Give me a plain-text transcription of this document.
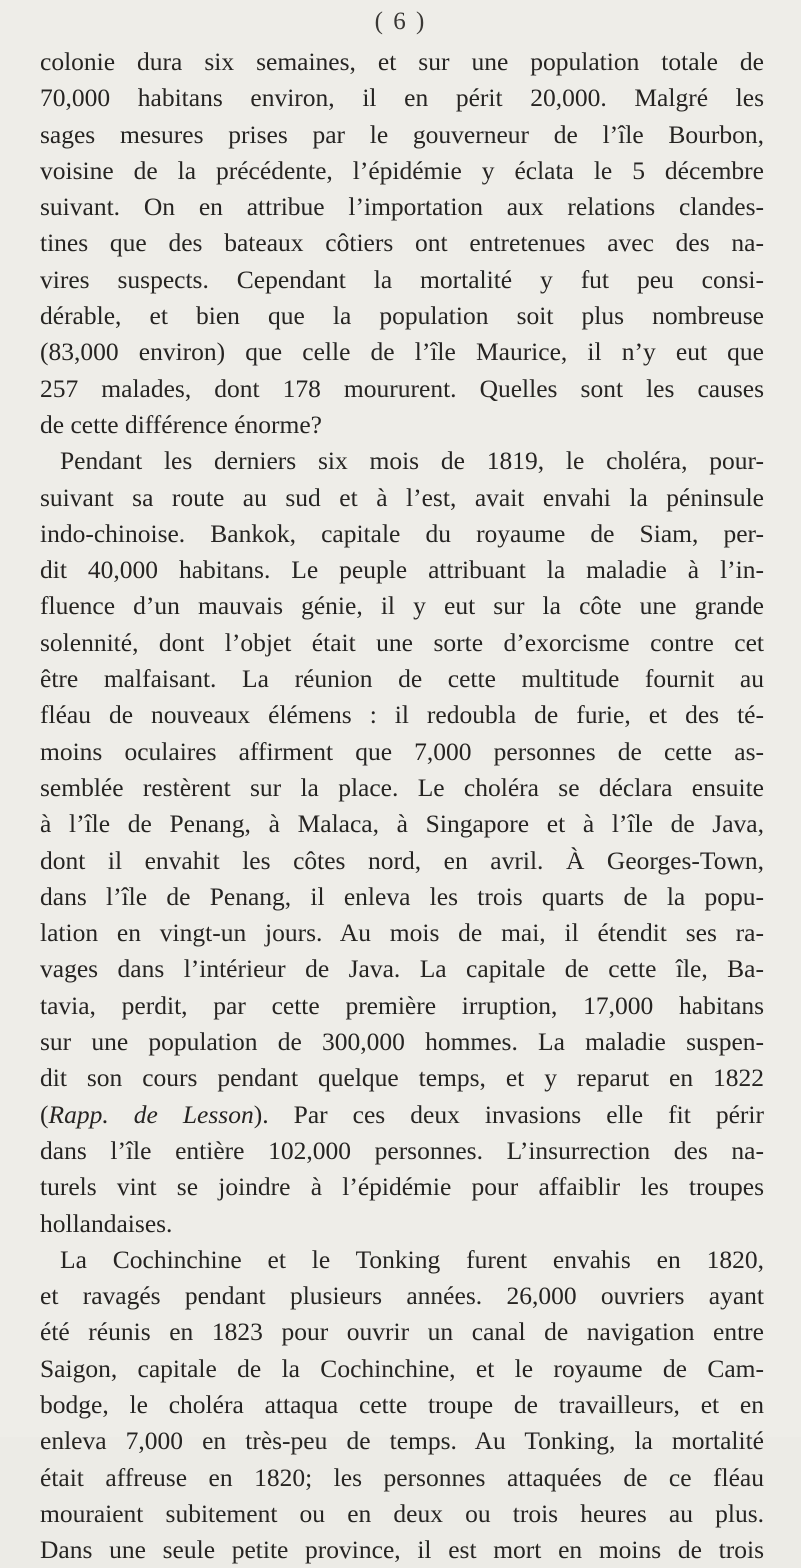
( 6 )
colonie dura six semaines, et sur une population totale de
70,000 habitans environ, il en périt 20,000. Malgré les
sages mesures prises par le gouverneur de l’île Bourbon,
voisine de la précédente, l’épidémie y éclata le 5 décembre
suivant. On en attribue l’importation aux relations clandes-
tines que des bateaux côtiers ont entretenues avec des na-
vires suspects. Cependant la mortalité y fut peu consi-
dérable, et bien que la population soit plus nombreuse
(83,000 environ) que celle de l’île Maurice, il n’y eut que
257 malades, dont 178 moururent. Quelles sont les causes
de cette différence énorme?
Pendant les derniers six mois de 1819, le choléra, pour-
suivant sa route au sud et à l’est, avait envahi la péninsule
indo-chinoise. Bankok, capitale du royaume de Siam, per-
dit 40,000 habitans. Le peuple attribuant la maladie à l’in-
fluence d’un mauvais génie, il y eut sur la côte une grande
solennité, dont l’objet était une sorte d’exorcisme contre cet
être malfaisant. La réunion de cette multitude fournit au
fléau de nouveaux élémens : il redoubla de furie, et des té-
moins oculaires affirment que 7,000 personnes de cette as-
semblée restèrent sur la place. Le choléra se déclara ensuite
à l’île de Penang, à Malaca, à Singapore et à l’île de Java,
dont il envahit les côtes nord, en avril. À Georges-Town,
dans l’île de Penang, il enleva les trois quarts de la popu-
lation en vingt-un jours. Au mois de mai, il étendit ses ra-
vages dans l’intérieur de Java. La capitale de cette île, Ba-
tavia, perdit, par cette première irruption, 17,000 habitans
sur une population de 300,000 hommes. La maladie suspen-
dit son cours pendant quelque temps, et y reparut en 1822
(Rapp. de Lesson). Par ces deux invasions elle fit périr
dans l’île entière 102,000 personnes. L’insurrection des na-
turels vint se joindre à l’épidémie pour affaiblir les troupes
hollandaises.
La Cochinchine et le Tonking furent envahis en 1820,
et ravagés pendant plusieurs années. 26,000 ouvriers ayant
été réunis en 1823 pour ouvrir un canal de navigation entre
Saigon, capitale de la Cochinchine, et le royaume de Cam-
bodge, le choléra attaqua cette troupe de travailleurs, et en
enleva 7,000 en très-peu de temps. Au Tonking, la mortalité
était affreuse en 1820; les personnes attaquées de ce fléau
mouraient subitement ou en deux ou trois heures au plus.
Dans une seule petite province, il est mort en moins de trois
